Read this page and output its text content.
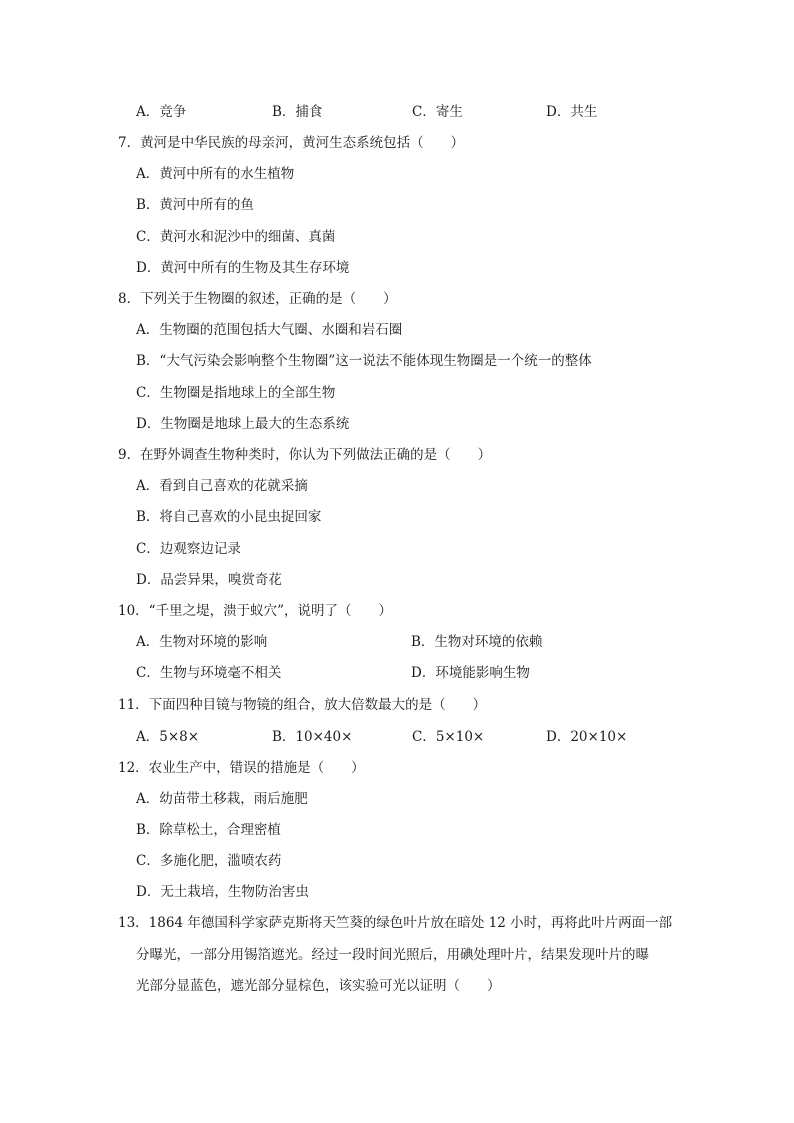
A．竞争	B．捕食	C．寄生	D．共生
7．黄河是中华民族的母亲河，黄河生态系统包括（　　）
A．黄河中所有的水生植物
B．黄河中所有的鱼
C．黄河水和泥沙中的细菌、真菌
D．黄河中所有的生物及其生存环境
8．下列关于生物圈的叙述，正确的是（　　）
A．生物圈的范围包括大气圈、水圈和岩石圈
B．“大气污染会影响整个生物圈”这一说法不能体现生物圈是一个统一的整体
C．生物圈是指地球上的全部生物
D．生物圈是地球上最大的生态系统
9．在野外调查生物种类时，你认为下列做法正确的是（　　）
A．看到自己喜欢的花就采摘
B．将自己喜欢的小昆虫捉回家
C．边观察边记录
D．品尝异果，嗅赏奇花
10．“千里之堤，溃于蚁穴”，说明了（　　）
A．生物对环境的影响	B．生物对环境的依赖
C．生物与环境毫不相关	D．环境能影响生物
11．下面四种目镜与物镜的组合，放大倍数最大的是（　　）
A．5×8×	B．10×40×	C．5×10×	D．20×10×
12．农业生产中，错误的措施是（　　）
A．幼苗带土移栽，雨后施肥
B．除草松土，合理密植
C．多施化肥，滥喷农药
D．无土栽培，生物防治害虫
13．1864 年德国科学家萨克斯将天竺葵的绿色叶片放在暗处 12 小时，再将此叶片两面一部
分曝光，一部分用锡箔遮光。经过一段时间光照后，用碘处理叶片，结果发现叶片的曝
光部分显蓝色，遮光部分显棕色，该实验可光以证明（　　）
